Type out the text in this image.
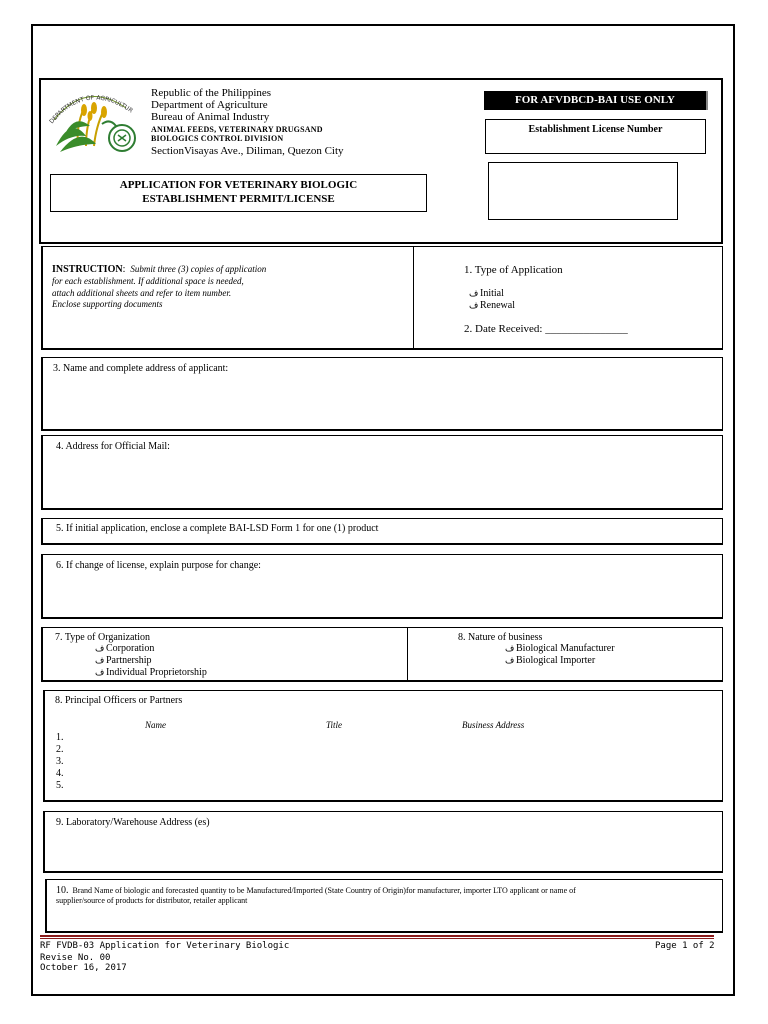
DEPARTMENT OF AGRICULTUR
Republic of the Philippines
Department of Agriculture
Bureau of Animal Industry
ANIMAL FEEDS, VETERINARY DRUGSAND
BIOLOGICS CONTROL DIVISION
SectionVisayas Ave., Diliman, Quezon City
FOR AFVDBCD-BAI USE ONLY
Establishment License Number
APPLICATION FOR VETERINARY BIOLOGIC
ESTABLISHMENT PERMIT/LICENSE
INSTRUCTION: Submit three (3) copies of application
for each establishment. If additional space is needed,
attach additional sheets and refer to item number.
Enclose supporting documents
1. Type of Application
ف Initial
ف Renewal
2. Date Received: _______________
3. Name and complete address of applicant:
4. Address for Official Mail:
5. If initial application, enclose a complete BAI-LSD Form 1 for one (1) product
6. If change of license, explain purpose for change:
7. Type of Organization
ف Corporation
ف Partnership
ف Individual Proprietorship
8. Nature of business
ف Biological Manufacturer
ف Biological Importer
8. Principal Officers or Partners
Name	Title	Business Address
1.
2.
3.
4.
5.
9. Laboratory/Warehouse Address (es)
10. Brand Name of biologic and forecasted quantity to be Manufactured/Imported (State Country of Origin)for manufacturer, importer LTO applicant or name of
supplier/source of products for distributor, retailer applicant
RF FVDB-03 Application for Veterinary Biologic	Page 1 of 2
Revise No. 00
October 16, 2017
